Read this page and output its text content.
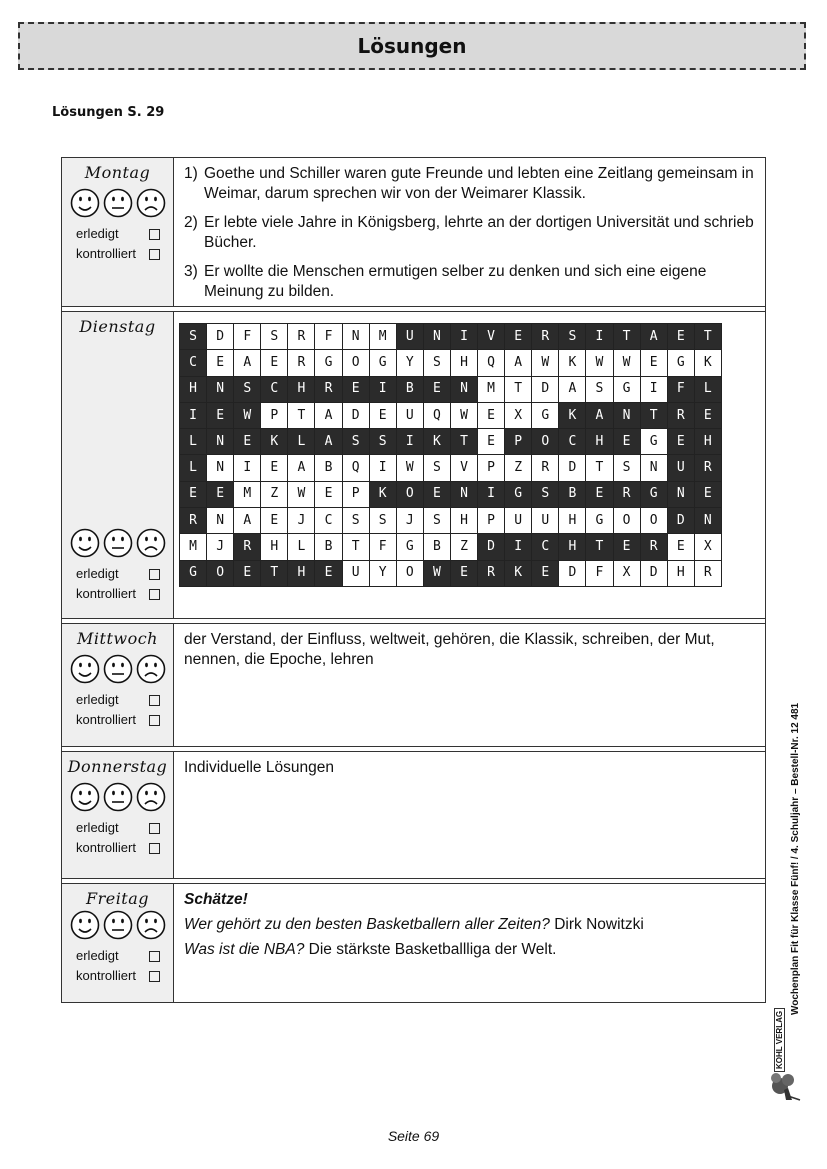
Lösungen
Lösungen S. 29
Montag
erledigt
kontrolliert
1) Goethe und Schiller waren gute Freunde und lebten eine Zeitlang gemeinsam in Weimar, darum sprechen wir von der Weimarer Klassik.
2) Er lebte viele Jahre in Königsberg, lehrte an der dortigen Universität und schrieb Bücher.
3) Er wollte die Menschen ermutigen selber zu denken und sich eine eigene Meinung zu bilden.
Dienstag
erledigt
kontrolliert
S	D	F	S	R	F	N	M	U	N	I	V	E	R	S	I	T	A	E	T
C	E	A	E	R	G	O	G	Y	S	H	Q	A	W	K	W	W	E	G	K
H	N	S	C	H	R	E	I	B	E	N	M	T	D	A	S	G	I	F	L
I	E	W	P	T	A	D	E	U	Q	W	E	X	G	K	A	N	T	R	E
L	N	E	K	L	A	S	S	I	K	T	E	P	O	C	H	E	G	E	H
L	N	I	E	A	B	Q	I	W	S	V	P	Z	R	D	T	S	N	U	R
E	E	M	Z	W	E	P	K	O	E	N	I	G	S	B	E	R	G	N	E
R	N	A	E	J	C	S	S	J	S	H	P	U	U	H	G	O	O	D	N
M	J	R	H	L	B	T	F	G	B	Z	D	I	C	H	T	E	R	E	X
G	O	E	T	H	E	U	Y	O	W	E	R	K	E	D	F	X	D	H	R
Mittwoch
erledigt
kontrolliert
der Verstand, der Einfluss, weltweit, gehören, die Klassik, schreiben, der Mut, nennen, die Epoche, lehren
Donnerstag
erledigt
kontrolliert
Individuelle Lösungen
Freitag
erledigt
kontrolliert
Schätze!
Wer gehört zu den besten Basketballern aller Zeiten? Dirk Nowitzki
Was ist die NBA? Die stärkste Basketballliga der Welt.	Wochenplan Fit für Klasse Fünf! / 4. Schuljahr – Bestell-Nr. 12 481
KOHL VERLAG
Seite 69
